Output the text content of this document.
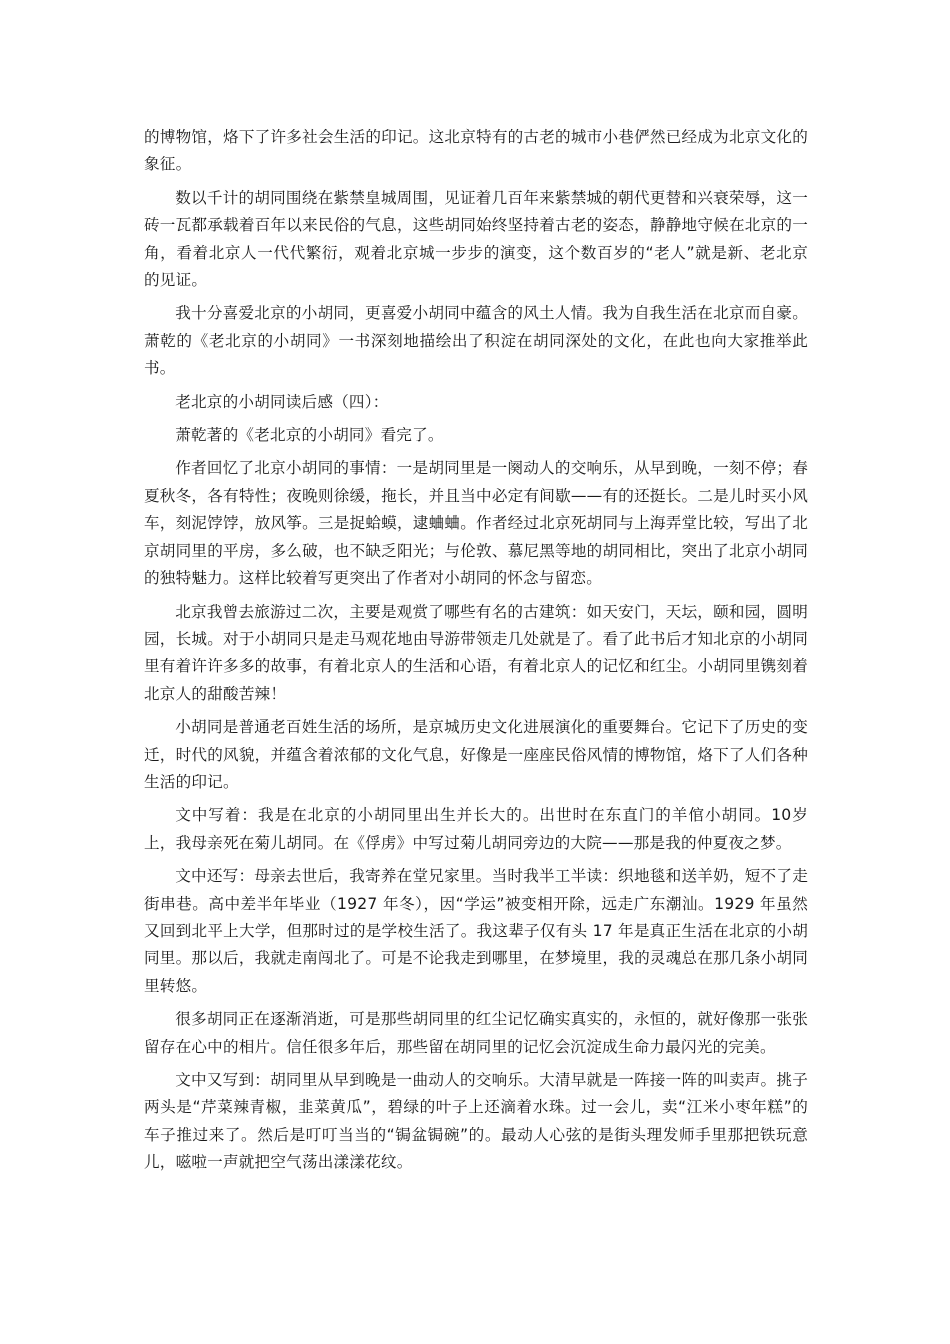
的博物馆，烙下了许多社会生活的印记。这北京特有的古老的城市小巷俨然已经成为北京文化的象征。

数以千计的胡同围绕在紫禁皇城周围，见证着几百年来紫禁城的朝代更替和兴衰荣辱，这一砖一瓦都承载着百年以来民俗的气息，这些胡同始终坚持着古老的姿态，静静地守候在北京的一角，看着北京人一代代繁衍，观着北京城一步步的演变，这个数百岁的“老人”就是新、老北京的见证。

我十分喜爱北京的小胡同，更喜爱小胡同中蕴含的风土人情。我为自我生活在北京而自豪。萧乾的《老北京的小胡同》一书深刻地描绘出了积淀在胡同深处的文化，在此也向大家推举此书。

老北京的小胡同读后感（四）：

萧乾著的《老北京的小胡同》看完了。

作者回忆了北京小胡同的事情：一是胡同里是一阕动人的交响乐，从早到晚，一刻不停；春夏秋冬，各有特性；夜晚则徐缓，拖长，并且当中必定有间歇——有的还挺长。二是儿时买小风车，刻泥饽饽，放风筝。三是捉蛤蟆，逮蛐蛐。作者经过北京死胡同与上海弄堂比较，写出了北京胡同里的平房，多么破，也不缺乏阳光；与伦敦、慕尼黑等地的胡同相比，突出了北京小胡同的独特魅力。这样比较着写更突出了作者对小胡同的怀念与留恋。

北京我曾去旅游过二次，主要是观赏了哪些有名的古建筑：如天安门，天坛，颐和园，圆明园，长城。对于小胡同只是走马观花地由导游带领走几处就是了。看了此书后才知北京的小胡同里有着许许多多的故事，有着北京人的生活和心语，有着北京人的记忆和红尘。小胡同里镌刻着北京人的甜酸苦辣！

小胡同是普通老百姓生活的场所，是京城历史文化进展演化的重要舞台。它记下了历史的变迁，时代的风貌，并蕴含着浓郁的文化气息，好像是一座座民俗风情的博物馆，烙下了人们各种生活的印记。

文中写着：我是在北京的小胡同里出生并长大的。出世时在东直门的羊倌小胡同。10岁上，我母亲死在菊儿胡同。在《俘虏》中写过菊儿胡同旁边的大院——那是我的仲夏夜之梦。

文中还写：母亲去世后，我寄养在堂兄家里。当时我半工半读：织地毯和送羊奶，短不了走街串巷。高中差半年毕业（1927 年冬），因“学运”被变相开除，远走广东潮汕。1929 年虽然又回到北平上大学，但那时过的是学校生活了。我这辈子仅有头 17 年是真正生活在北京的小胡同里。那以后，我就走南闯北了。可是不论我走到哪里，在梦境里，我的灵魂总在那几条小胡同里转悠。

很多胡同正在逐渐消逝，可是那些胡同里的红尘记忆确实真实的，永恒的，就好像那一张张留存在心中的相片。信任很多年后，那些留在胡同里的记忆会沉淀成生命力最闪光的完美。

文中又写到：胡同里从早到晚是一曲动人的交响乐。大清早就是一阵接一阵的叫卖声。挑子两头是“芹菜辣青椒，韭菜黄瓜”，碧绿的叶子上还滴着水珠。过一会儿，卖“江米小枣年糕”的车子推过来了。然后是叮叮当当的“锔盆锔碗”的。最动人心弦的是街头理发师手里那把铁玩意儿，嗞啦一声就把空气荡出漾漾花纹。
